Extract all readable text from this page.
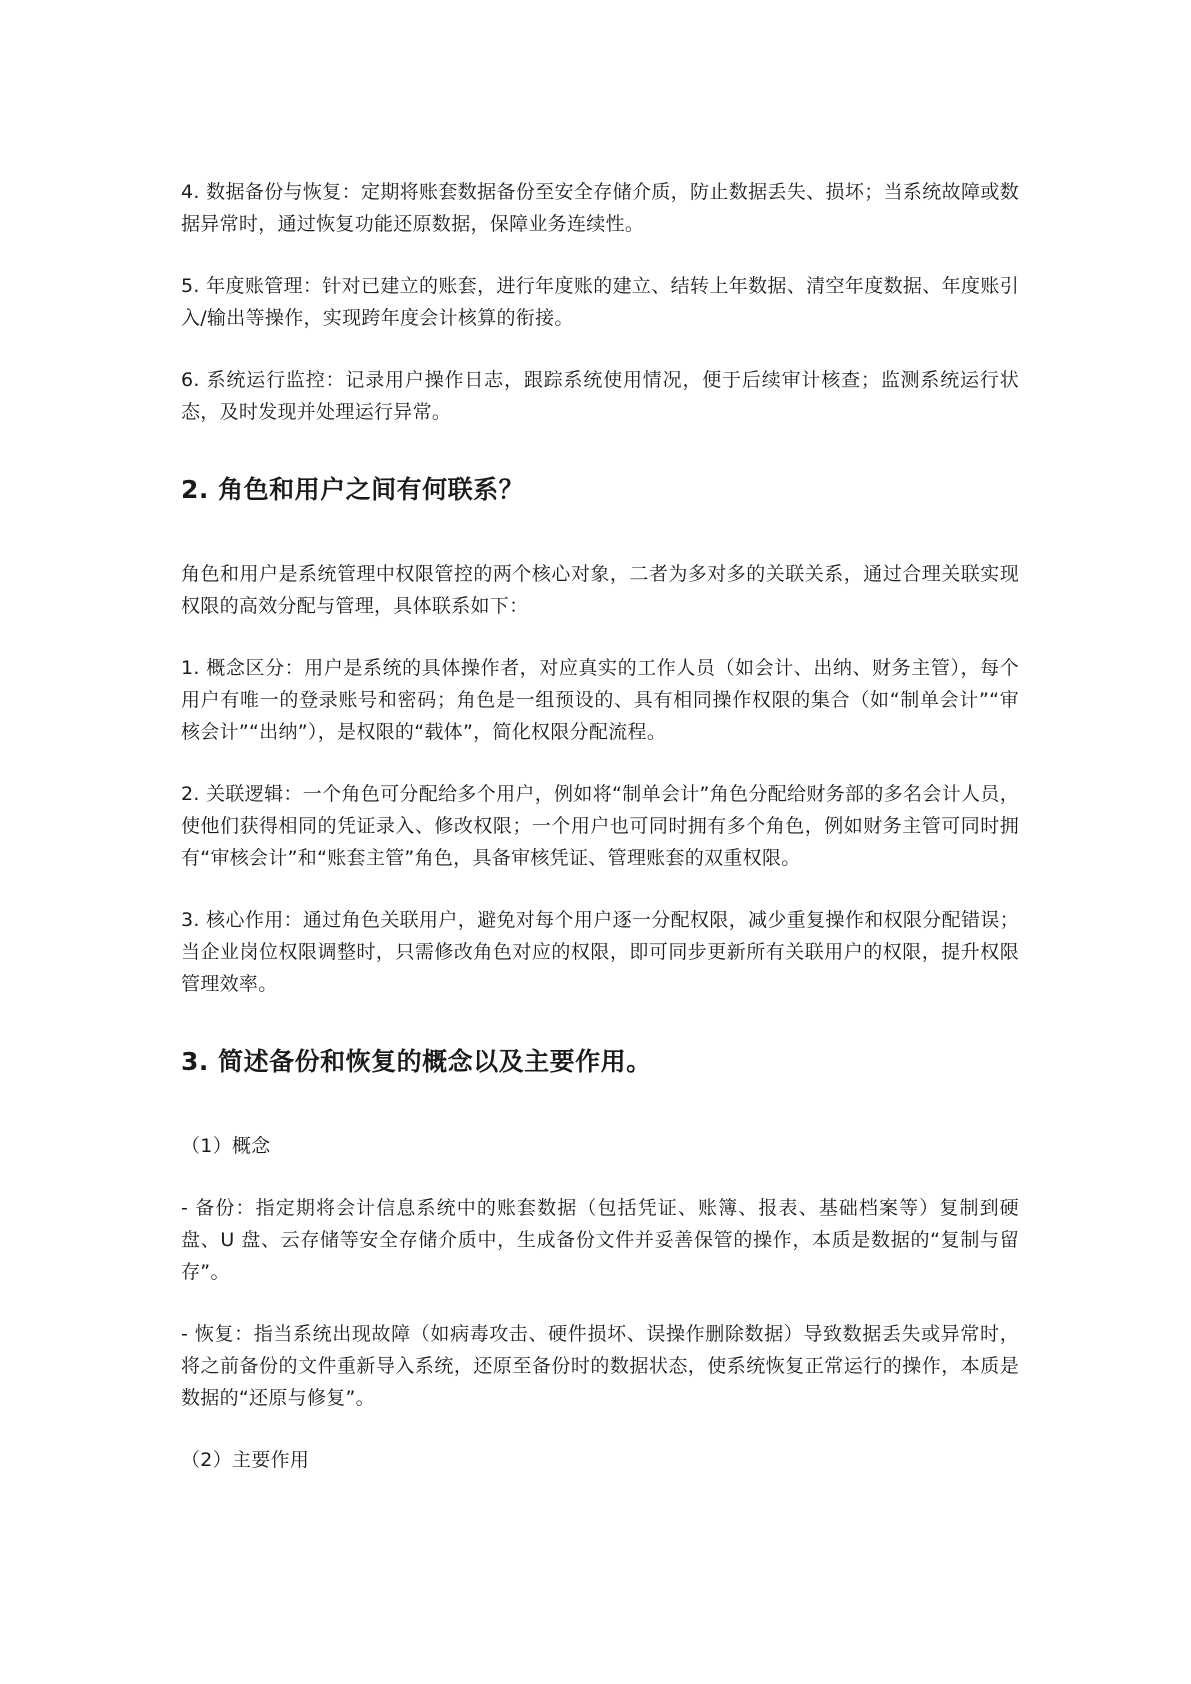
4. 数据备份与恢复：定期将账套数据备份至安全存储介质，防止数据丢失、损坏；当系统故障或数据异常时，通过恢复功能还原数据，保障业务连续性。

5. 年度账管理：针对已建立的账套，进行年度账的建立、结转上年数据、清空年度数据、年度账引入/输出等操作，实现跨年度会计核算的衔接。

6. 系统运行监控：记录用户操作日志，跟踪系统使用情况，便于后续审计核查；监测系统运行状态，及时发现并处理运行异常。

2. 角色和用户之间有何联系？

角色和用户是系统管理中权限管控的两个核心对象，二者为多对多的关联关系，通过合理关联实现权限的高效分配与管理，具体联系如下：

1. 概念区分：用户是系统的具体操作者，对应真实的工作人员（如会计、出纳、财务主管），每个用户有唯一的登录账号和密码；角色是一组预设的、具有相同操作权限的集合（如“制单会计”“审核会计”“出纳”），是权限的“载体”，简化权限分配流程。

2. 关联逻辑：一个角色可分配给多个用户，例如将“制单会计”角色分配给财务部的多名会计人员，使他们获得相同的凭证录入、修改权限；一个用户也可同时拥有多个角色，例如财务主管可同时拥有“审核会计”和“账套主管”角色，具备审核凭证、管理账套的双重权限。

3. 核心作用：通过角色关联用户，避免对每个用户逐一分配权限，减少重复操作和权限分配错误；当企业岗位权限调整时，只需修改角色对应的权限，即可同步更新所有关联用户的权限，提升权限管理效率。

3. 简述备份和恢复的概念以及主要作用。

（1）概念

- 备份：指定期将会计信息系统中的账套数据（包括凭证、账簿、报表、基础档案等）复制到硬盘、U 盘、云存储等安全存储介质中，生成备份文件并妥善保管的操作，本质是数据的“复制与留存”。

- 恢复：指当系统出现故障（如病毒攻击、硬件损坏、误操作删除数据）导致数据丢失或异常时，将之前备份的文件重新导入系统，还原至备份时的数据状态，使系统恢复正常运行的操作，本质是数据的“还原与修复”。

（2）主要作用
